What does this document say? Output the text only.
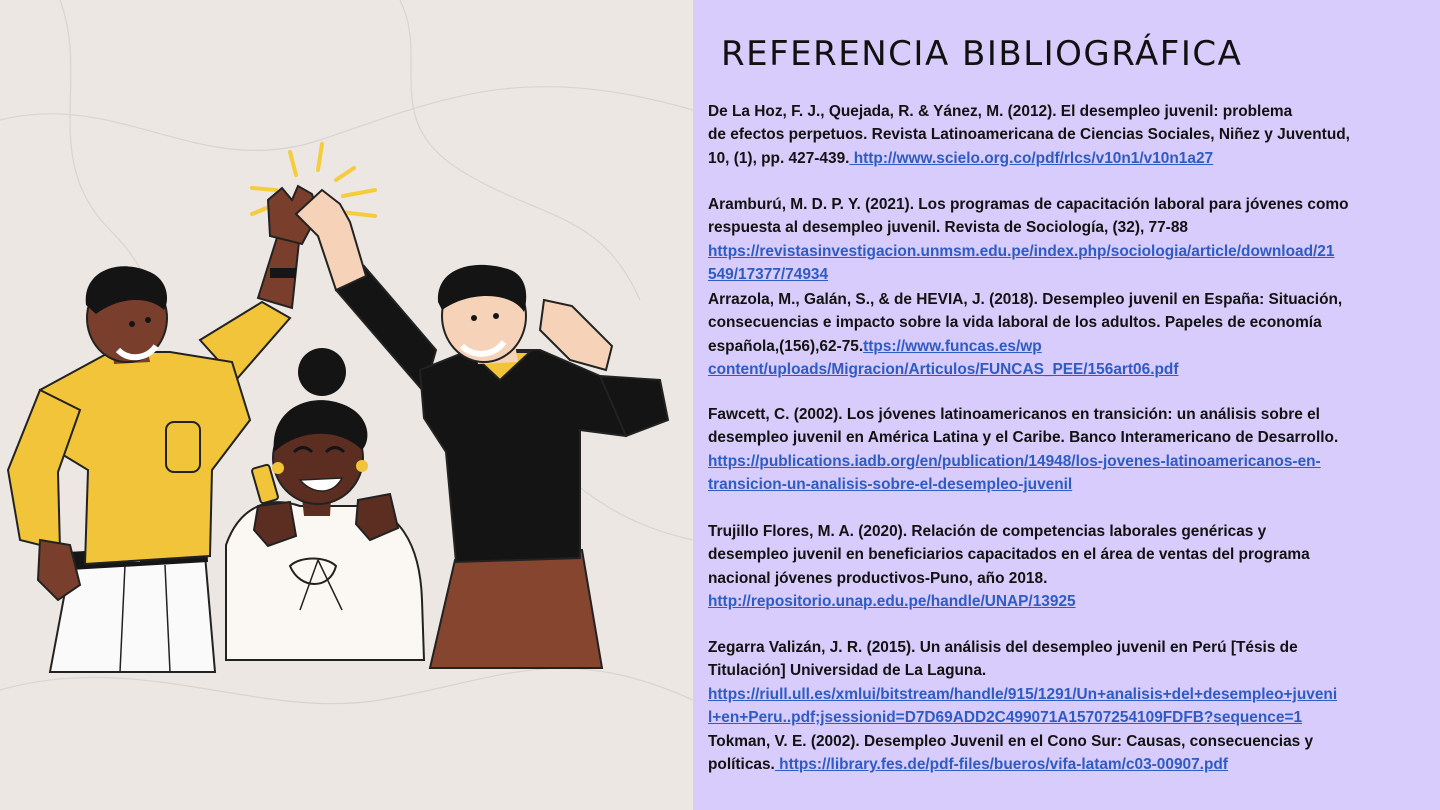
REFERENCIA BIBLIOGRÁFICA

De La Hoz, F. J., Quejada, R. & Yánez, M. (2012). El desempleo juvenil: problema
de efectos perpetuos. Revista Latinoamericana de Ciencias Sociales, Niñez y Juventud,
10, (1), pp. 427-439. http://www.scielo.org.co/pdf/rlcs/v10n1/v10n1a27

Aramburú, M. D. P. Y. (2021). Los programas de capacitación laboral para jóvenes como
respuesta al desempleo juvenil. Revista de Sociología, (32), 77-88
https://revistasinvestigacion.unmsm.edu.pe/index.php/sociologia/article/download/21
549/17377/74934

Arrazola, M., Galán, S., & de HEVIA, J. (2018). Desempleo juvenil en España: Situación,
consecuencias e impacto sobre la vida laboral de los adultos. Papeles de economía
española,(156),62-75.ttps://www.funcas.es/wp
content/uploads/Migracion/Articulos/FUNCAS_PEE/156art06.pdf

Fawcett, C. (2002). Los jóvenes latinoamericanos en transición: un análisis sobre el
desempleo juvenil en América Latina y el Caribe. Banco Interamericano de Desarrollo.
https://publications.iadb.org/en/publication/14948/los-jovenes-latinoamericanos-en-
transicion-un-analisis-sobre-el-desempleo-juvenil

Trujillo Flores, M. A. (2020). Relación de competencias laborales genéricas y
desempleo juvenil en beneficiarios capacitados en el área de ventas del programa
nacional jóvenes productivos-Puno, año 2018.
http://repositorio.unap.edu.pe/handle/UNAP/13925

Zegarra Valizán, J. R. (2015). Un análisis del desempleo juvenil en Perú [Tésis de
Titulación] Universidad de La Laguna.
https://riull.ull.es/xmlui/bitstream/handle/915/1291/Un+analisis+del+desempleo+juveni
l+en+Peru..pdf;jsessionid=D7D69ADD2C499071A15707254109FDFB?sequence=1

Tokman, V. E. (2002). Desempleo Juvenil en el Cono Sur: Causas, consecuencias y
políticas. https://library.fes.de/pdf-files/bueros/vifa-latam/c03-00907.pdf
